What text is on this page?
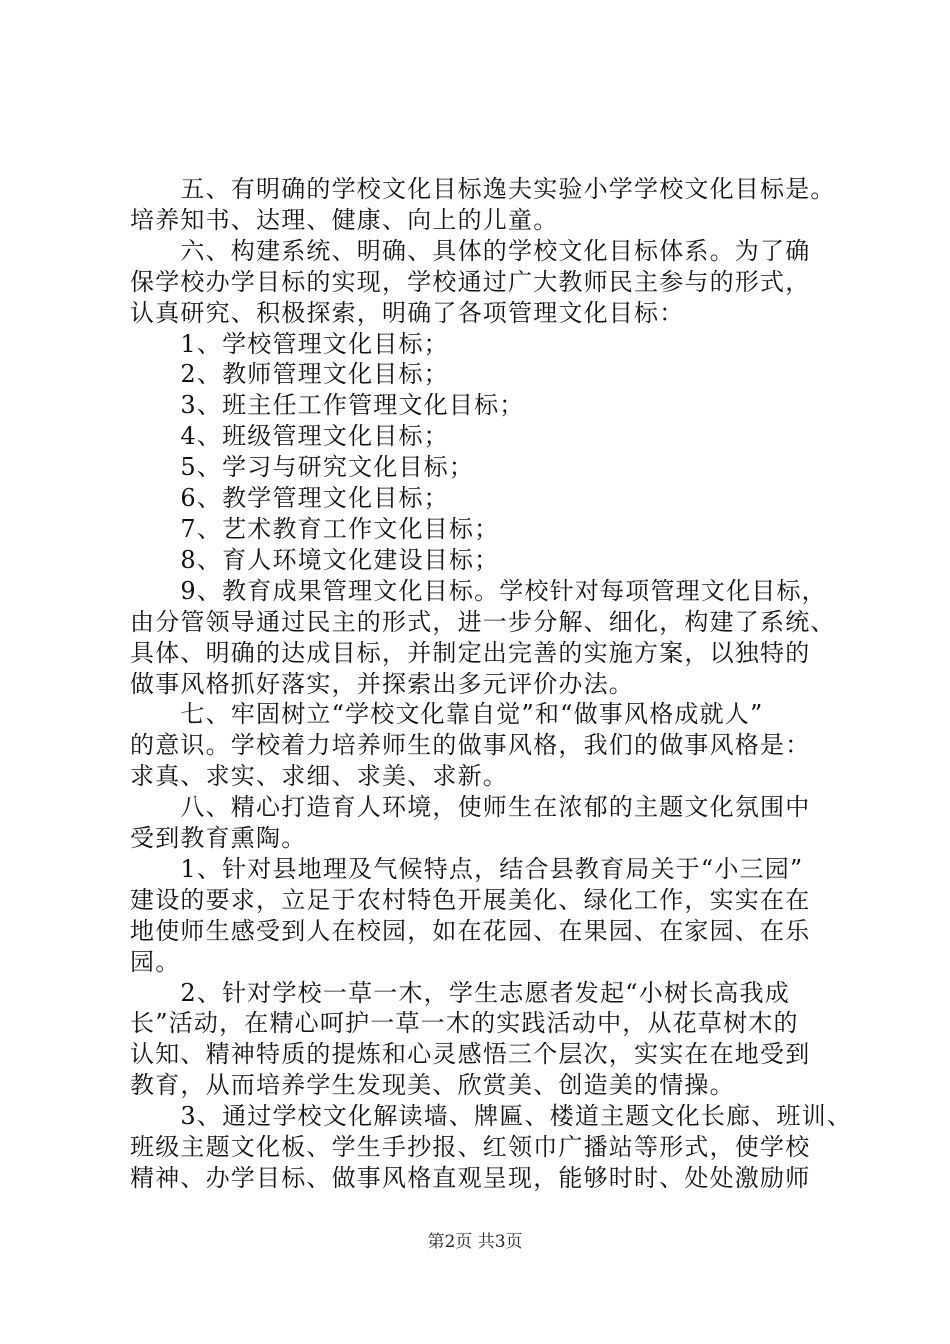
　　五、有明确的学校文化目标逸夫实验小学学校文化目标是。
培养知书、达理、健康、向上的儿童。
　　六、构建系统、明确、具体的学校文化目标体系。为了确
保学校办学目标的实现，学校通过广大教师民主参与的形式，
认真研究、积极探索，明确了各项管理文化目标：
　　1、学校管理文化目标；
　　2、教师管理文化目标；
　　3、班主任工作管理文化目标；
　　4、班级管理文化目标；
　　5、学习与研究文化目标；
　　6、教学管理文化目标；
　　7、艺术教育工作文化目标；
　　8、育人环境文化建设目标；
　　9、教育成果管理文化目标。学校针对每项管理文化目标，
由分管领导通过民主的形式，进一步分解、细化，构建了系统、
具体、明确的达成目标，并制定出完善的实施方案，以独特的
做事风格抓好落实，并探索出多元评价办法。
　　七、牢固树立“学校文化靠自觉”和“做事风格成就人”
的意识。学校着力培养师生的做事风格，我们的做事风格是：
求真、求实、求细、求美、求新。
　　八、精心打造育人环境，使师生在浓郁的主题文化氛围中
受到教育熏陶。
　　1、针对县地理及气候特点，结合县教育局关于“小三园”
建设的要求，立足于农村特色开展美化、绿化工作，实实在在
地使师生感受到人在校园，如在花园、在果园、在家园、在乐
园。
　　2、针对学校一草一木，学生志愿者发起“小树长高我成
长”活动，在精心呵护一草一木的实践活动中，从花草树木的
认知、精神特质的提炼和心灵感悟三个层次，实实在在地受到
教育，从而培养学生发现美、欣赏美、创造美的情操。
　　3、通过学校文化解读墙、牌匾、楼道主题文化长廊、班训、
班级主题文化板、学生手抄报、红领巾广播站等形式，使学校
精神、办学目标、做事风格直观呈现，能够时时、处处激励师
第2页 共3页
